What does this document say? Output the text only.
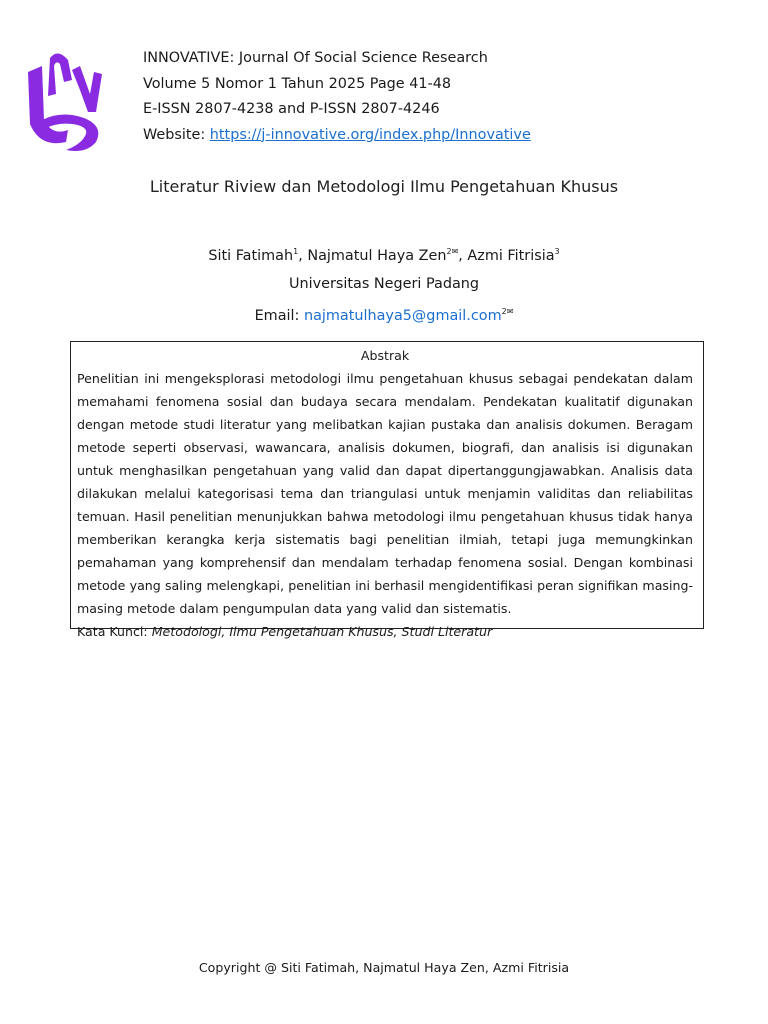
INNOVATIVE: Journal Of Social Science Research
Volume 5 Nomor 1 Tahun 2025 Page 41-48
E-ISSN 2807-4238 and P-ISSN 2807-4246
Website: https://j-innovative.org/index.php/Innovative
Literatur Riview dan Metodologi Ilmu Pengetahuan Khusus
Siti Fatimah$^1$, Najmatul Haya Zen$^{2✉}$, Azmi Fitrisia$^3$
Universitas Negeri Padang
Email: najmatulhaya5@gmail.com$^{2✉}$
Abstrak
Penelitian ini mengeksplorasi metodologi ilmu pengetahuan khusus sebagai pendekatan dalam memahami fenomena sosial dan budaya secara mendalam. Pendekatan kualitatif digunakan dengan metode studi literatur yang melibatkan kajian pustaka dan analisis dokumen. Beragam metode seperti observasi, wawancara, analisis dokumen, biografi, dan analisis isi digunakan untuk menghasilkan pengetahuan yang valid dan dapat dipertanggungjawabkan. Analisis data dilakukan melalui kategorisasi tema dan triangulasi untuk menjamin validitas dan reliabilitas temuan. Hasil penelitian menunjukkan bahwa metodologi ilmu pengetahuan khusus tidak hanya memberikan kerangka kerja sistematis bagi penelitian ilmiah, tetapi juga memungkinkan pemahaman yang komprehensif dan mendalam terhadap fenomena sosial. Dengan kombinasi metode yang saling melengkapi, penelitian ini berhasil mengidentifikasi peran signifikan masing-masing metode dalam pengumpulan data yang valid dan sistematis.
Kata Kunci: Metodologi, Ilmu Pengetahuan Khusus, Studi Literatur
Copyright @ Siti Fatimah, Najmatul Haya Zen, Azmi Fitrisia
